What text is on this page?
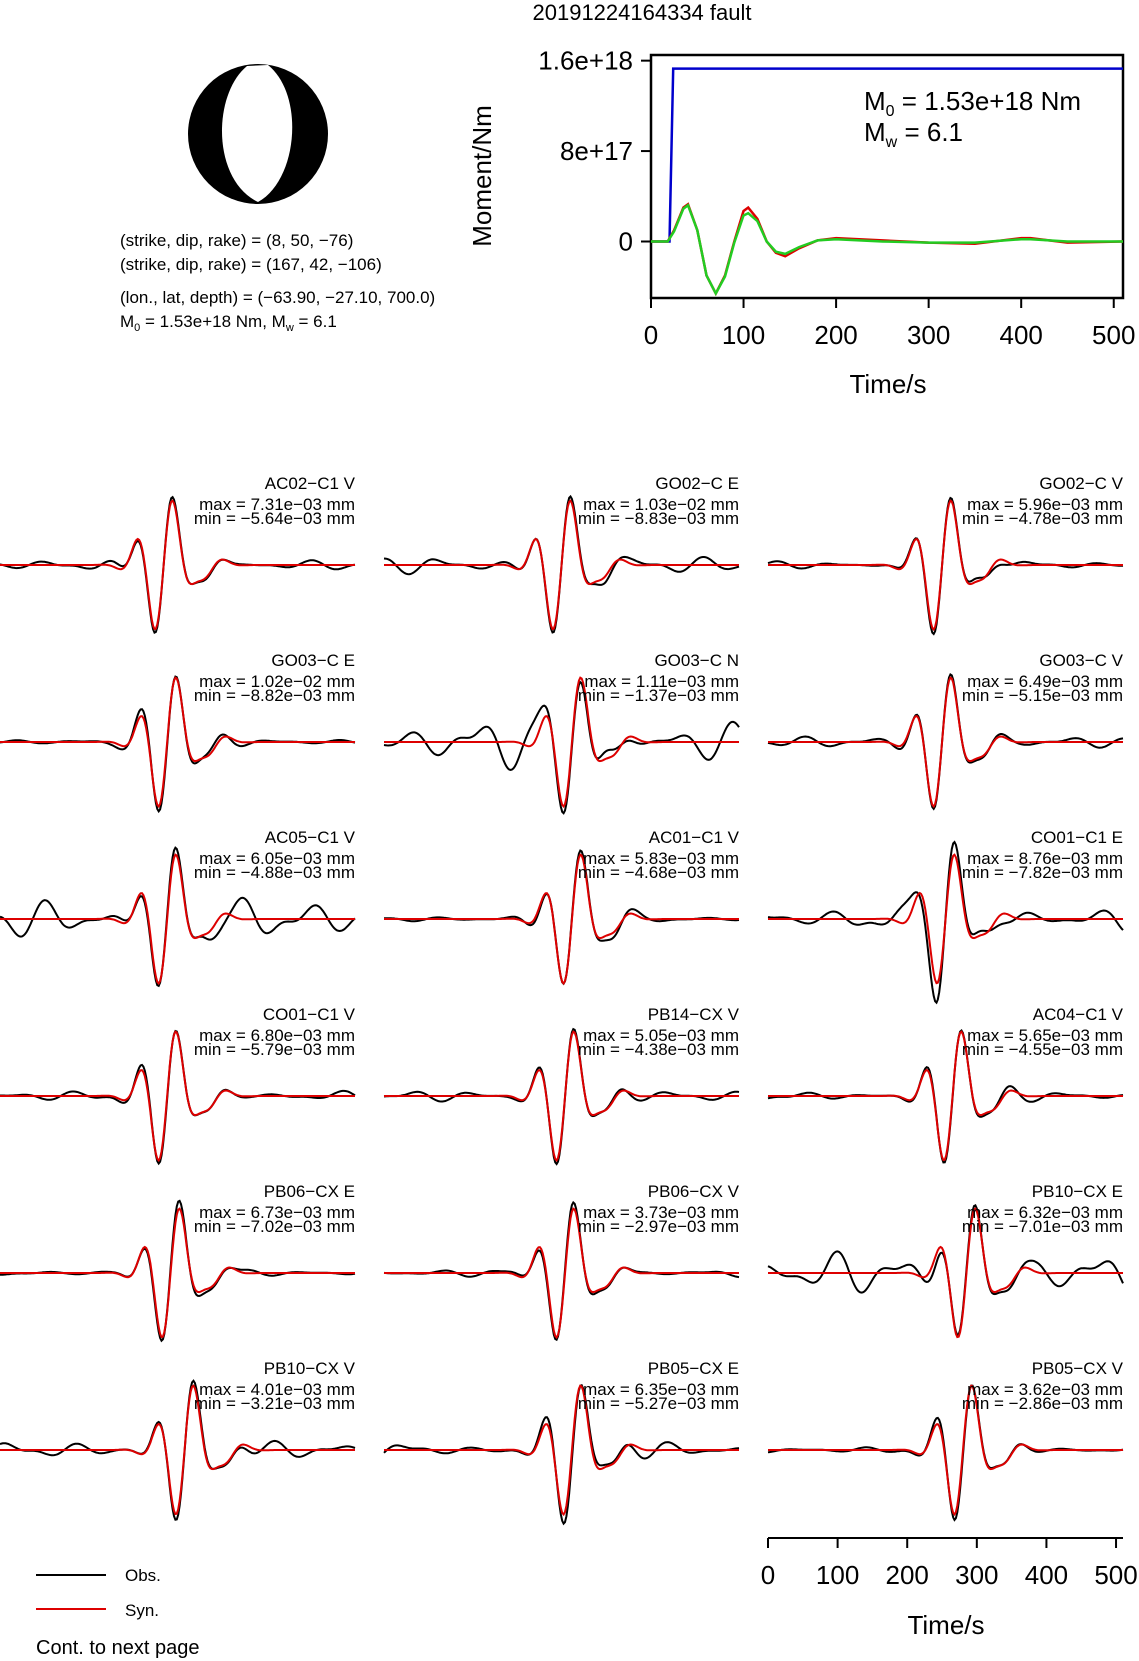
20191224164334 fault
(strike, dip, rake) = (8, 50, −76)
(strike, dip, rake) = (167, 42, −106)
(lon., lat, depth) = (−63.90, −27.10, 700.0)
$M_0 = 1.53e+18$ Nm, $M_w = 6.1$
1.6e+18
8e+17
0
0 100 200 300 400 500
$M_0 = 1.53e+18$ Nm
$M_w = 6.1$
Moment/Nm
Time/s
AC02−C1 V
max = 7.31e−03 mm
min = −5.64e−03 mm
GO02−C E
max = 1.03e−02 mm
min = −8.83e−03 mm
GO02−C V
max = 5.96e−03 mm
min = −4.78e−03 mm
GO03−C E
max = 1.02e−02 mm
min = −8.82e−03 mm
GO03−C N
max = 1.11e−03 mm
min = −1.37e−03 mm
GO03−C V
max = 6.49e−03 mm
min = −5.15e−03 mm
AC05−C1 V
max = 6.05e−03 mm
min = −4.88e−03 mm
AC01−C1 V
max = 5.83e−03 mm
min = −4.68e−03 mm
CO01−C1 E
max = 8.76e−03 mm
min = −7.82e−03 mm
CO01−C1 V
max = 6.80e−03 mm
min = −5.79e−03 mm
PB14−CX V
max = 5.05e−03 mm
min = −4.38e−03 mm
AC04−C1 V
max = 5.65e−03 mm
min = −4.55e−03 mm
PB06−CX E
max = 6.73e−03 mm
min = −7.02e−03 mm
PB06−CX V
max = 3.73e−03 mm
min = −2.97e−03 mm
PB10−CX E
max = 6.32e−03 mm
min = −7.01e−03 mm
PB10−CX V
max = 4.01e−03 mm
min = −3.21e−03 mm
PB05−CX E
max = 6.35e−03 mm
min = −5.27e−03 mm
PB05−CX V
max = 3.62e−03 mm
min = −2.86e−03 mm
0 100 200 300 400 500
Time/s
Obs.
Syn.
Cont. to next page
